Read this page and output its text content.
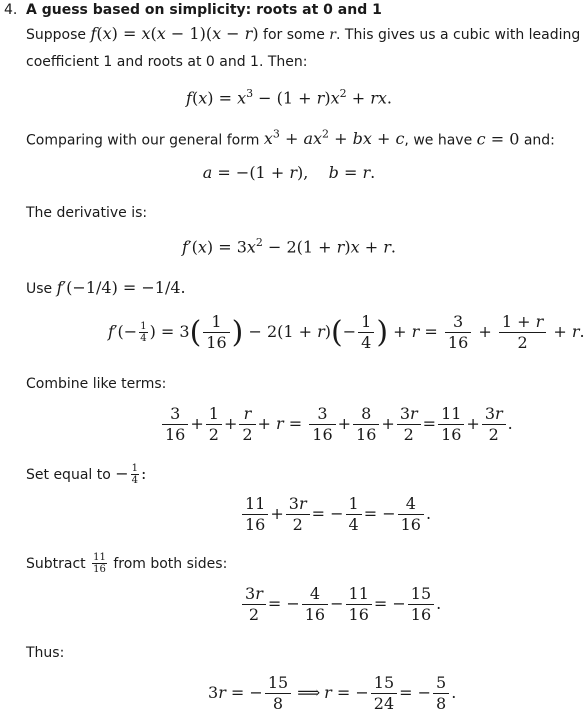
4. A guess based on simplicity: roots at 0 and 1
Suppose f(x) = x(x − 1)(x − r) for some r. This gives us a cubic with leading
coefficient 1 and roots at 0 and 1. Then:
$f(x) = x^3 - (1 + r)x^2$ + rx.
Comparing with our general form $x^3 + ax^2$ + bx + c, we have c = 0 and:
a = −(1 + r),    b = r.
The derivative is:
$f'(x) = 3x^2 - 2(1 + r)x + r$.
Use f′(−1/4) = −1/4.
$f'(- \frac{1}{4}$ ) = $3( \frac{1}{16}$ ) − $2(1 + r)(- \frac{1}{4}$ ) + $r = \frac{3}{16} + \frac{1 + r}{2} + r$.
Combine like terms:
$\frac{3}{16} + \frac{1}{2} + \frac{r}{2} + r = \frac{3}{16} + \frac{8}{16} + \frac{3r}{2} = \frac{11}{16} + \frac{3r}{2}$ .
Set equal to − $\frac{1}{4}$ :
$\frac{11}{16} + \frac{3r}{2}$ = − $\frac{1}{4}$ = − $\frac{4}{16}$ .
Subtract $\frac{11}{16}$ from both sides:
$\frac{3r}{2}$ = − $\frac{4}{16} - \frac{11}{16}$ = − $\frac{15}{16}$ .
Thus:
3r = − $\frac{15}{8}$ ⟹ r = − $\frac{15}{24}$ = − $\frac{5}{8}$ .
